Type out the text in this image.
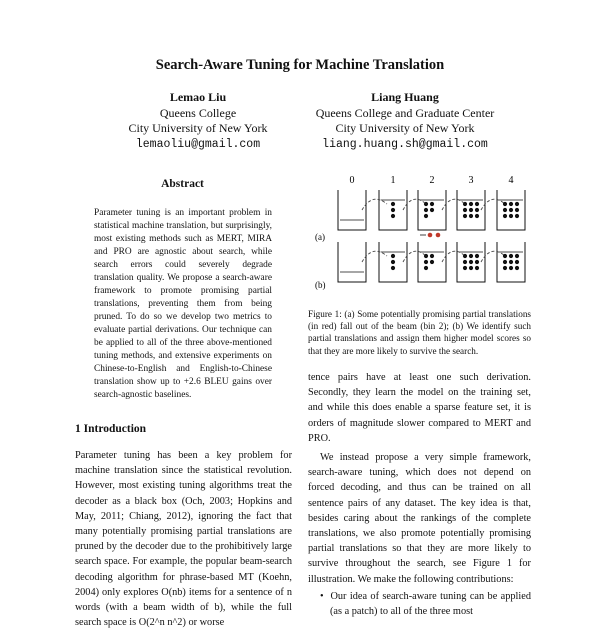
Search-Aware Tuning for Machine Translation
Lemao Liu
Queens College
City University of New York
lemaoliu@gmail.com
Liang Huang
Queens College and Graduate Center
City University of New York
liang.huang.sh@gmail.com
Abstract
Parameter tuning is an important problem in statistical machine translation, but surprisingly, most existing methods such as MERT, MIRA and PRO are agnostic about search, while search errors could severely degrade translation quality. We propose a search-aware framework to promote promising partial translations, preventing them from being pruned. To do so we develop two metrics to evaluate partial derivations. Our technique can be applied to all of the three above-mentioned tuning methods, and extensive experiments on Chinese-to-English and English-to-Chinese translation show up to +2.6 BLEU gains over search-agnostic baselines.
1 Introduction
Parameter tuning has been a key problem for machine translation since the statistical revolution. However, most existing tuning algorithms treat the decoder as a black box (Och, 2003; Hopkins and May, 2011; Chiang, 2012), ignoring the fact that many potentially promising partial translations are pruned by the decoder due to the prohibitively large search space. For example, the popular beam-search decoding algorithm for phrase-based MT (Koehn, 2004) only explores O(nb) items for a sentence of n words (with a beam width of b), while the full search space is O(2^n n^2) or worse
0	1	2	3	4
(a)
(b)
Figure 1: (a) Some potentially promising partial translations (in red) fall out of the beam (bin 2); (b) We identify such partial translations and assign them higher model scores so that they are more likely to survive the search.

tence pairs have at least one such derivation. Secondly, they learn the model on the training set, and while this does enable a sparse feature set, it is orders of magnitude slower compared to MERT and PRO.

We instead propose a very simple framework, search-aware tuning, which does not depend on forced decoding, and thus can be trained on all sentence pairs of any dataset. The key idea is that, besides caring about the rankings of the complete translations, we also promote potentially promising partial translations so that they are more likely to survive throughout the search, see Figure 1 for illustration. We make the following contributions:

•  Our idea of search-aware tuning can be applied (as a patch) to all of the three most
